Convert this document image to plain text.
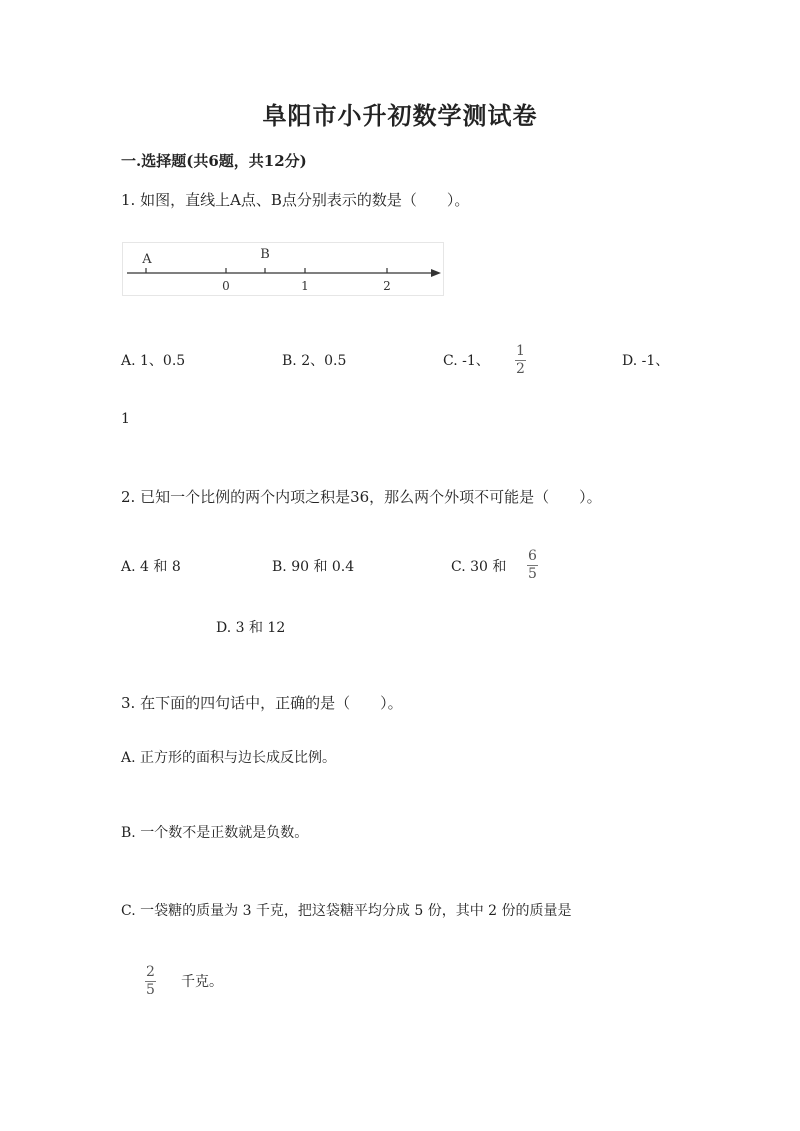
阜阳市小升初数学测试卷
一.选择题(共6题，共12分)
1. 如图，直线上A点、B点分别表示的数是（　　）。
A	B
0	1	2
A. 1、0.5	B. 2、0.5	C. -1、
1
2	D. -1、
1
2. 已知一个比例的两个内项之积是36，那么两个外项不可能是（　　）。
A. 4 和 8	B. 90 和 0.4	C. 30 和
6
5
D. 3 和 12
3. 在下面的四句话中，正确的是（　　）。
A. 正方形的面积与边长成反比例。
B. 一个数不是正数就是负数。
C. 一袋糖的质量为 3 千克，把这袋糖平均分成 5 份，其中 2 份的质量是
2
5 千克。
